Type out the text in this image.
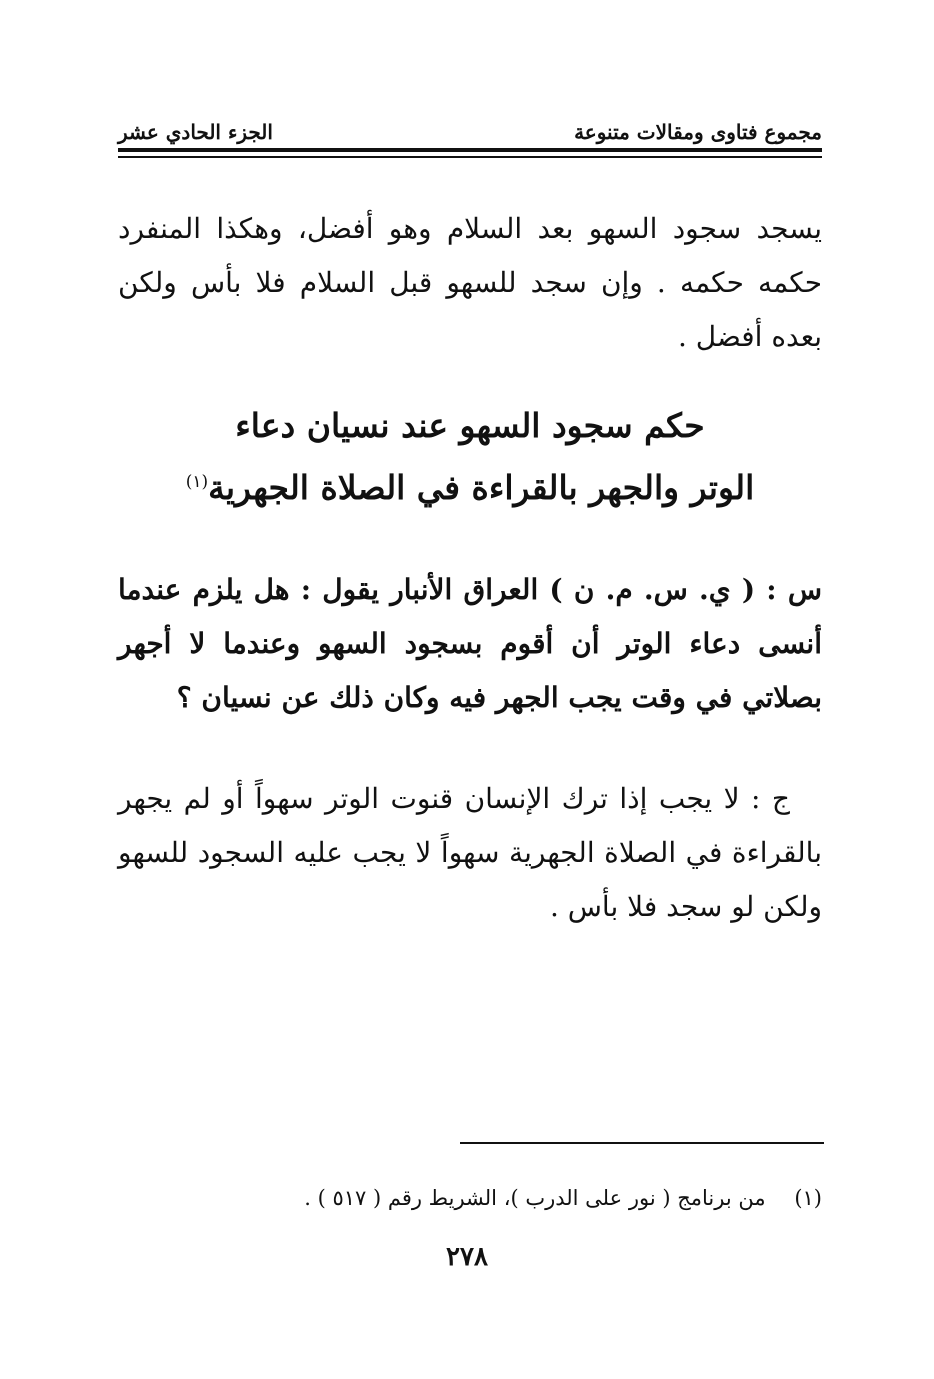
مجموع فتاوى ومقالات متنوعة
الجزء الحادي عشر

يسجد سجود السهو بعد السلام وهو أفضل، وهكذا المنفرد حكمه حكمه . وإن سجد للسهو قبل السلام فلا بأس ولكن بعده أفضل .

حكم سجود السهو عند نسيان دعاء
الوتر والجهر بالقراءة في الصلاة الجهرية$^{(١)}$

س : ( ي. س. م. ن ) العراق الأنبار يقول : هل يلزم عندما أنسى دعاء الوتر أن أقوم بسجود السهو وعندما لا أجهر بصلاتي في وقت يجب الجهر فيه وكان ذلك عن نسيان ؟

ج : لا يجب إذا ترك الإنسان قنوت الوتر سهواً أو لم يجهر بالقراءة في الصلاة الجهرية سهواً لا يجب عليه السجود للسهو ولكن لو سجد فلا بأس .

(١) من برنامج ( نور على الدرب )، الشريط رقم ( ٥١٧ ) .
٢٧٨
